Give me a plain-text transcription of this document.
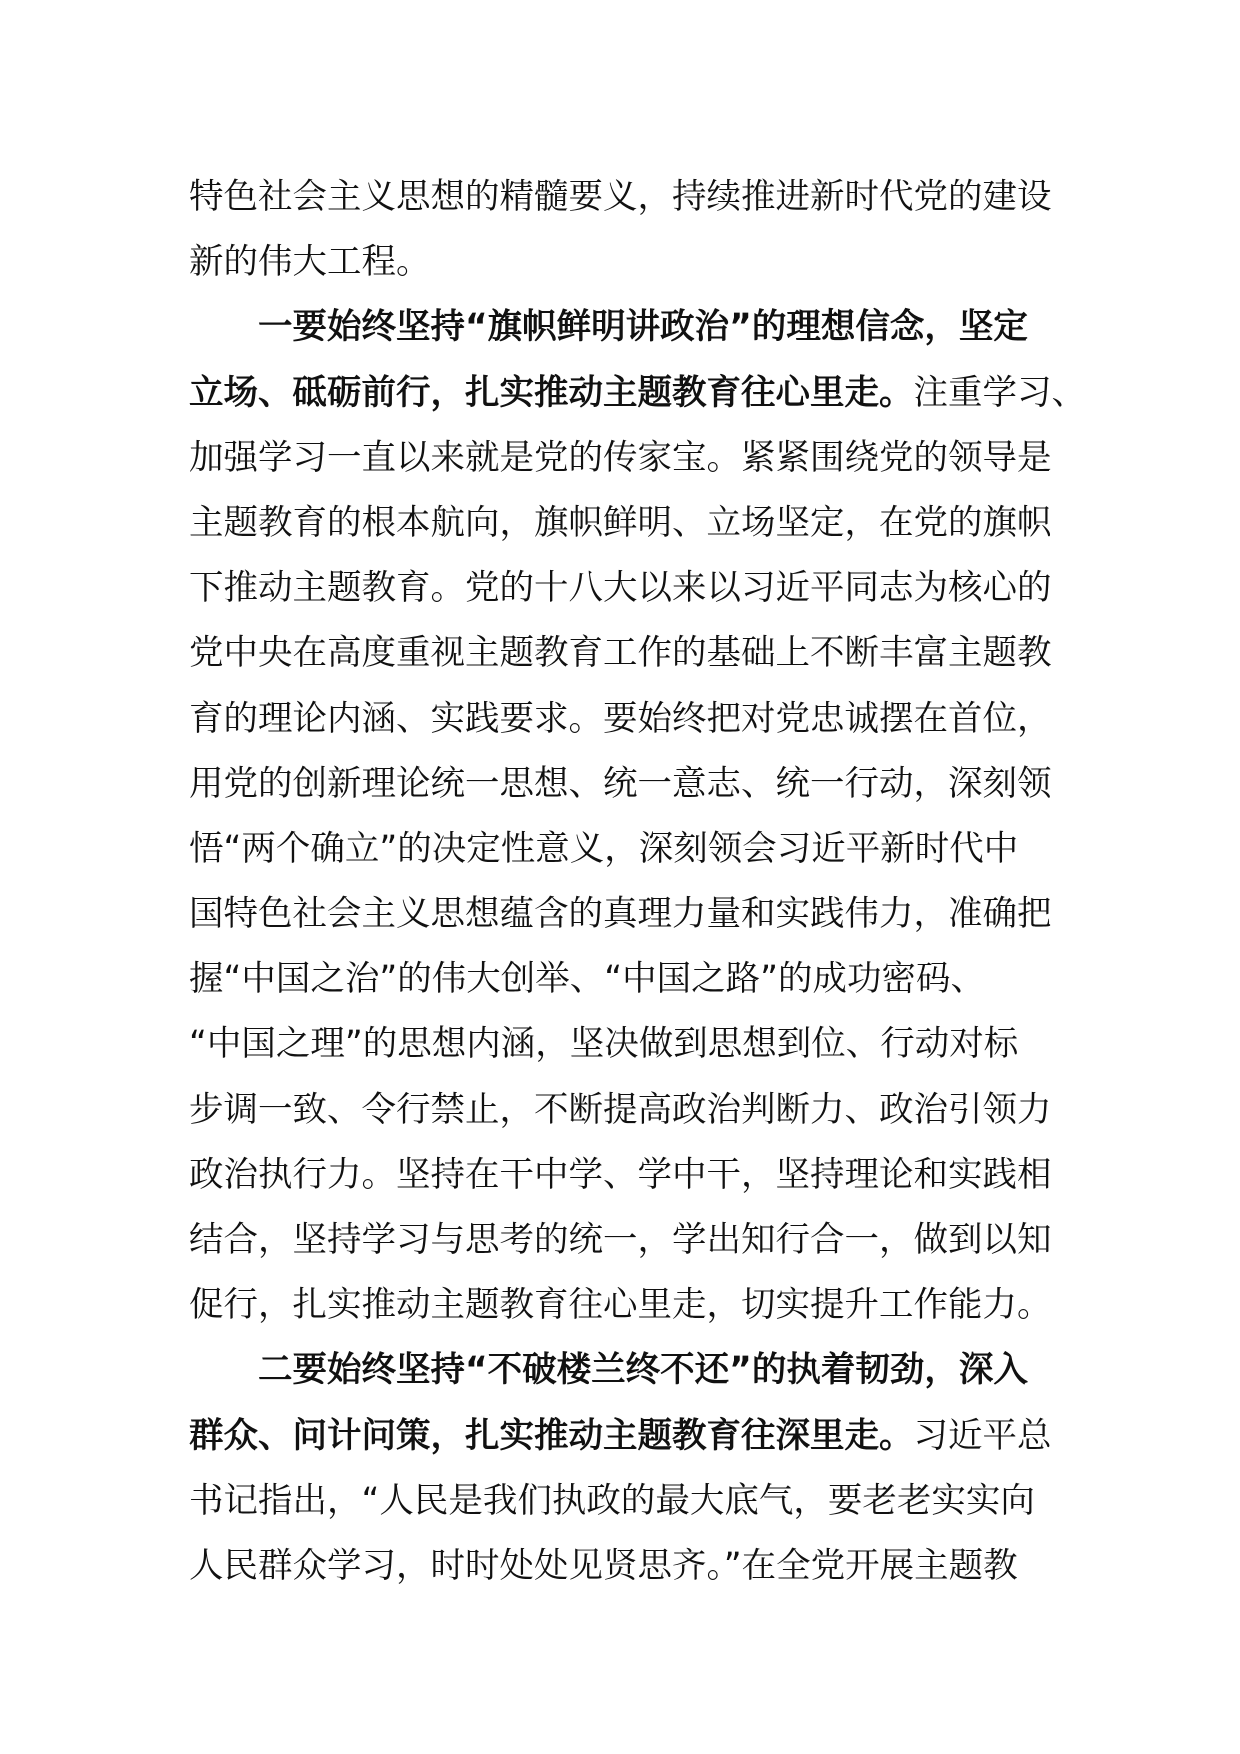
特色社会主义思想的精髓要义，持续推进新时代党的建设
新的伟大工程。
一要始终坚持“旗帜鲜明讲政治”的理想信念，坚定
立场、砥砺前行，扎实推动主题教育往心里走。注重学习、
加强学习一直以来就是党的传家宝。紧紧围绕党的领导是
主题教育的根本航向，旗帜鲜明、立场坚定，在党的旗帜
下推动主题教育。党的十八大以来以习近平同志为核心的
党中央在高度重视主题教育工作的基础上不断丰富主题教
育的理论内涵、实践要求。要始终把对党忠诚摆在首位，
用党的创新理论统一思想、统一意志、统一行动，深刻领
悟“两个确立”的决定性意义，深刻领会习近平新时代中
国特色社会主义思想蕴含的真理力量和实践伟力，准确把
握“中国之治”的伟大创举、“中国之路”的成功密码、
“中国之理”的思想内涵，坚决做到思想到位、行动对标
步调一致、令行禁止，不断提高政治判断力、政治引领力
政治执行力。坚持在干中学、学中干，坚持理论和实践相
结合，坚持学习与思考的统一，学出知行合一，做到以知
促行，扎实推动主题教育往心里走，切实提升工作能力。
二要始终坚持“不破楼兰终不还”的执着韧劲，深入
群众、问计问策，扎实推动主题教育往深里走。习近平总
书记指出，“人民是我们执政的最大底气，要老老实实向
人民群众学习，时时处处见贤思齐。”在全党开展主题教
